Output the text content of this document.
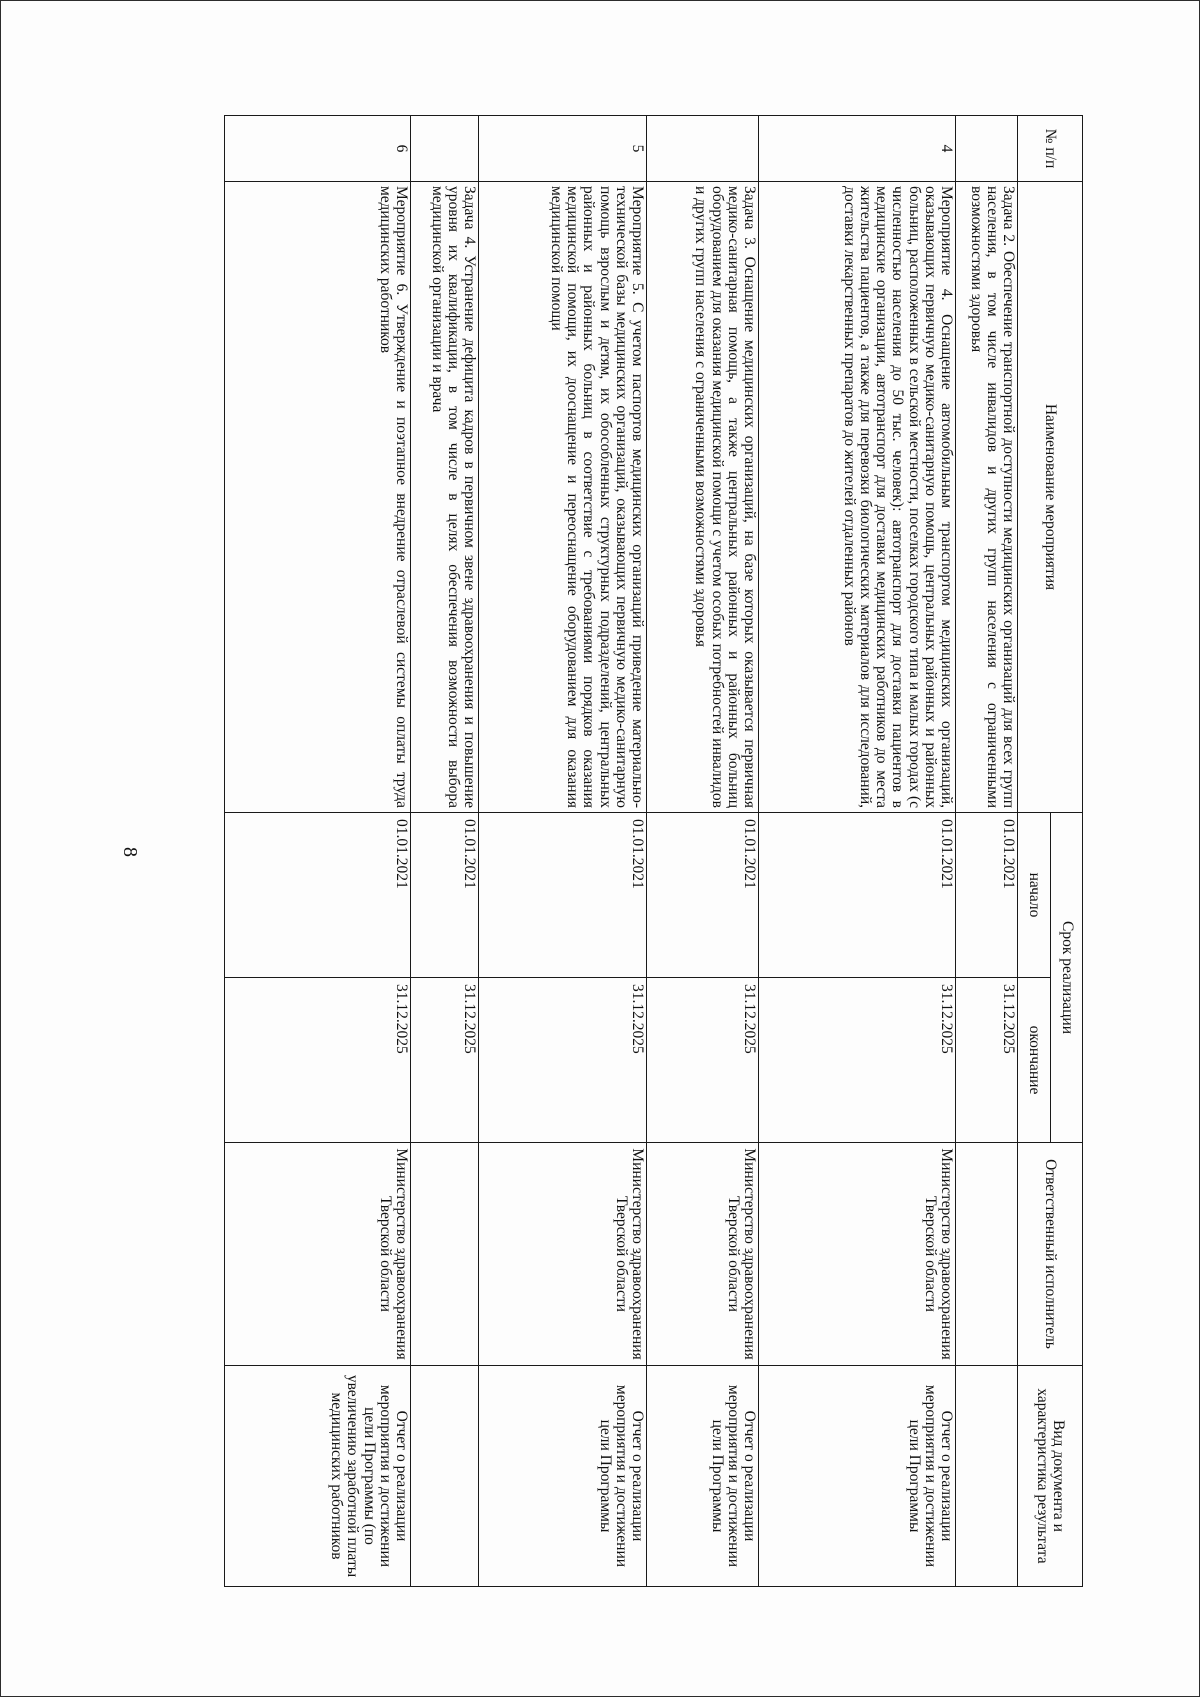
8
№ п/п	Наименование мероприятия	Срок реализации		Ответственный исполнитель	Вид документа и характеристика результата
		начало	окончание		
	Задача 2. Обеспечение транспортной доступности медицинских организаций для всех групп населения, в том числе инвалидов и других групп населения с ограниченными возможностями здоровья	01.01.2021	31.12.2025		
4	Мероприятие 4. Оснащение автомобильным транспортом медицинских организаций, оказывающих первичную медико-санитарную помощь, центральных районных и районных больниц, расположенных в сельской местности, поселках городского типа и малых городах (с численностью населения до 50 тыс. человек): автотранспорт для доставки пациентов в медицинские организации, автотранспорт для доставки медицинских работников до места жительства пациентов, а также для перевозки биологических материалов для исследований, доставки лекарственных препаратов до жителей отдаленных районов	01.01.2021	31.12.2025	Министерство здравоохранения Тверской области	Отчет о реализации мероприятия и достижении цели Программы
	Задача 3. Оснащение медицинских организаций, на базе которых оказывается первичная медико-санитарная помощь, а также центральных районных и районных больниц оборудованием для оказания медицинской помощи с учетом особых потребностей инвалидов и других групп населения с ограниченными возможностями здоровья	01.01.2021	31.12.2025	Министерство здравоохранения Тверской области	Отчет о реализации мероприятия и достижении цели Программы
5	Мероприятие 5. С учетом паспортов медицинских организаций приведение материально-технической базы медицинских организаций, оказывающих первичную медико-санитарную помощь взрослым и детям, их обособленных структурных подразделений, центральных районных и районных больниц в соответствие с требованиями порядков оказания медицинской помощи, их дооснащение и переоснащение оборудованием для оказания медицинской помощи	01.01.2021	31.12.2025	Министерство здравоохранения Тверской области	Отчет о реализации мероприятия и достижении цели Программы
	Задача 4. Устранение дефицита кадров в первичном звене здравоохранения и повышение уровня их квалификации, в том числе в целях обеспечения возможности выбора медицинской организации и врача	01.01.2021	31.12.2025		
6	Мероприятие 6. Утверждение и поэтапное внедрение отраслевой системы оплаты труда медицинских работников	01.01.2021	31.12.2025	Министерство здравоохранения Тверской области	Отчет о реализации мероприятия и достижении цели Программы (по увеличению заработной платы медицинских работников
